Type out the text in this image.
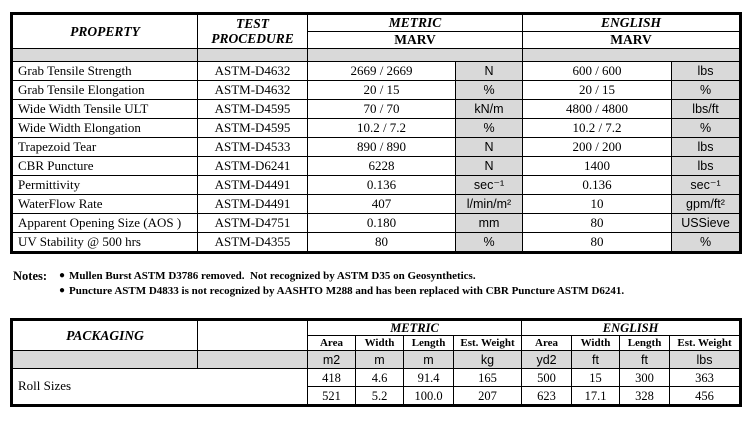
PROPERTY	TEST PROCEDURE	METRIC		ENGLISH	
		MARV		MARV	

Grab Tensile Strength	ASTM-D4632	2669 / 2669	N	600 / 600	lbs
Grab Tensile Elongation	ASTM-D4632	20 / 15	%	20 / 15	%
Wide Width Tensile ULT	ASTM-D4595	70 / 70	kN/m	4800 / 4800	lbs/ft
Wide Width Elongation	ASTM-D4595	10.2 / 7.2	%	10.2 / 7.2	%
Trapezoid Tear	ASTM-D4533	890 / 890	N	200 / 200	lbs
CBR Puncture	ASTM-D6241	6228	N	1400	lbs
Permittivity	ASTM-D4491	0.136	sec⁻¹	0.136	sec⁻¹
WaterFlow Rate	ASTM-D4491	407	l/min/m²	10	gpm/ft²
Apparent Opening Size (AOS )	ASTM-D4751	0.180	mm	80	USSieve
UV Stability @ 500 hrs	ASTM-D4355	80	%	80	%
Notes:	● Mullen Burst ASTM D3786 removed.  Not recognized by ASTM D35 on Geosynthetics.
● Puncture ASTM D4833 is not recognized by AASHTO M288 and has been replaced with CBR Puncture ASTM D6241.
PACKAGING		METRIC				ENGLISH			
		Area	Width	Length	Est. Weight	Area	Width	Length	Est. Weight
		m2	m	m	kg	yd2	ft	ft	lbs
Roll Sizes		418	4.6	91.4	165	500	15	300	363
		521	5.2	100.0	207	623	17.1	328	456
